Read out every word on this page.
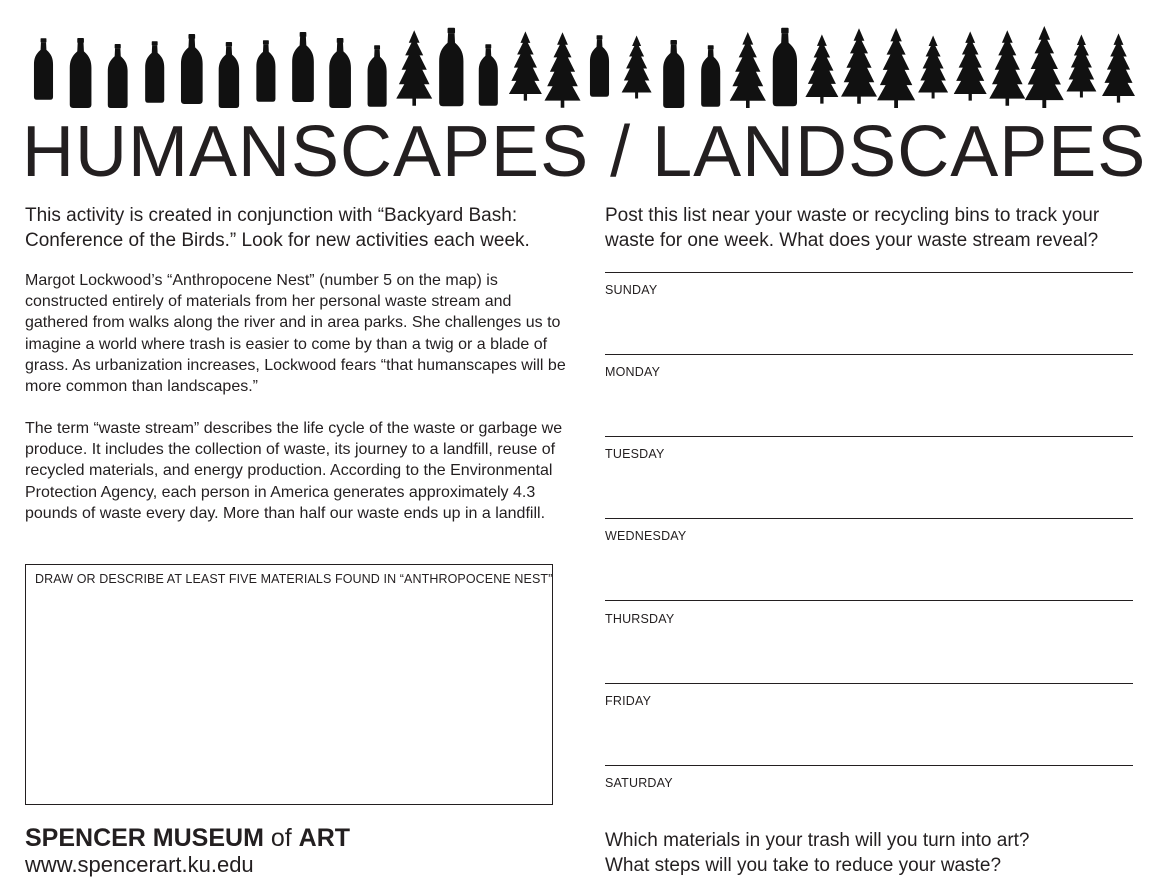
HUMANSCAPES / LANDSCAPES
This activity is created in conjunction with “Backyard Bash: Conference of the Birds.” Look for new activities each week.

Margot Lockwood’s “Anthropocene Nest” (number 5 on the map) is constructed entirely of materials from her personal waste stream and gathered from walks along the river and in area parks. She challenges us to imagine a world where trash is easier to come by than a twig or a blade of grass. As urbanization increases, Lockwood fears “that humanscapes will be more common than landscapes.”

The term “waste stream” describes the life cycle of the waste or garbage we produce. It includes the collection of waste, its journey to a landfill, reuse of recycled materials, and energy production. According to the Environmental Protection Agency, each person in America generates approximately 4.3 pounds of waste every day. More than half our waste ends up in a landfill.

DRAW OR DESCRIBE AT LEAST FIVE MATERIALS FOUND IN “ANTHROPOCENE NEST”
SPENCER MUSEUM of ART
www.spencerart.ku.edu
Post this list near your waste or recycling bins to track your waste for one week. What does your waste stream reveal?
SUNDAY
MONDAY
TUESDAY
WEDNESDAY
THURSDAY
FRIDAY
SATURDAY
Which materials in your trash will you turn into art?
What steps will you take to reduce your waste?
